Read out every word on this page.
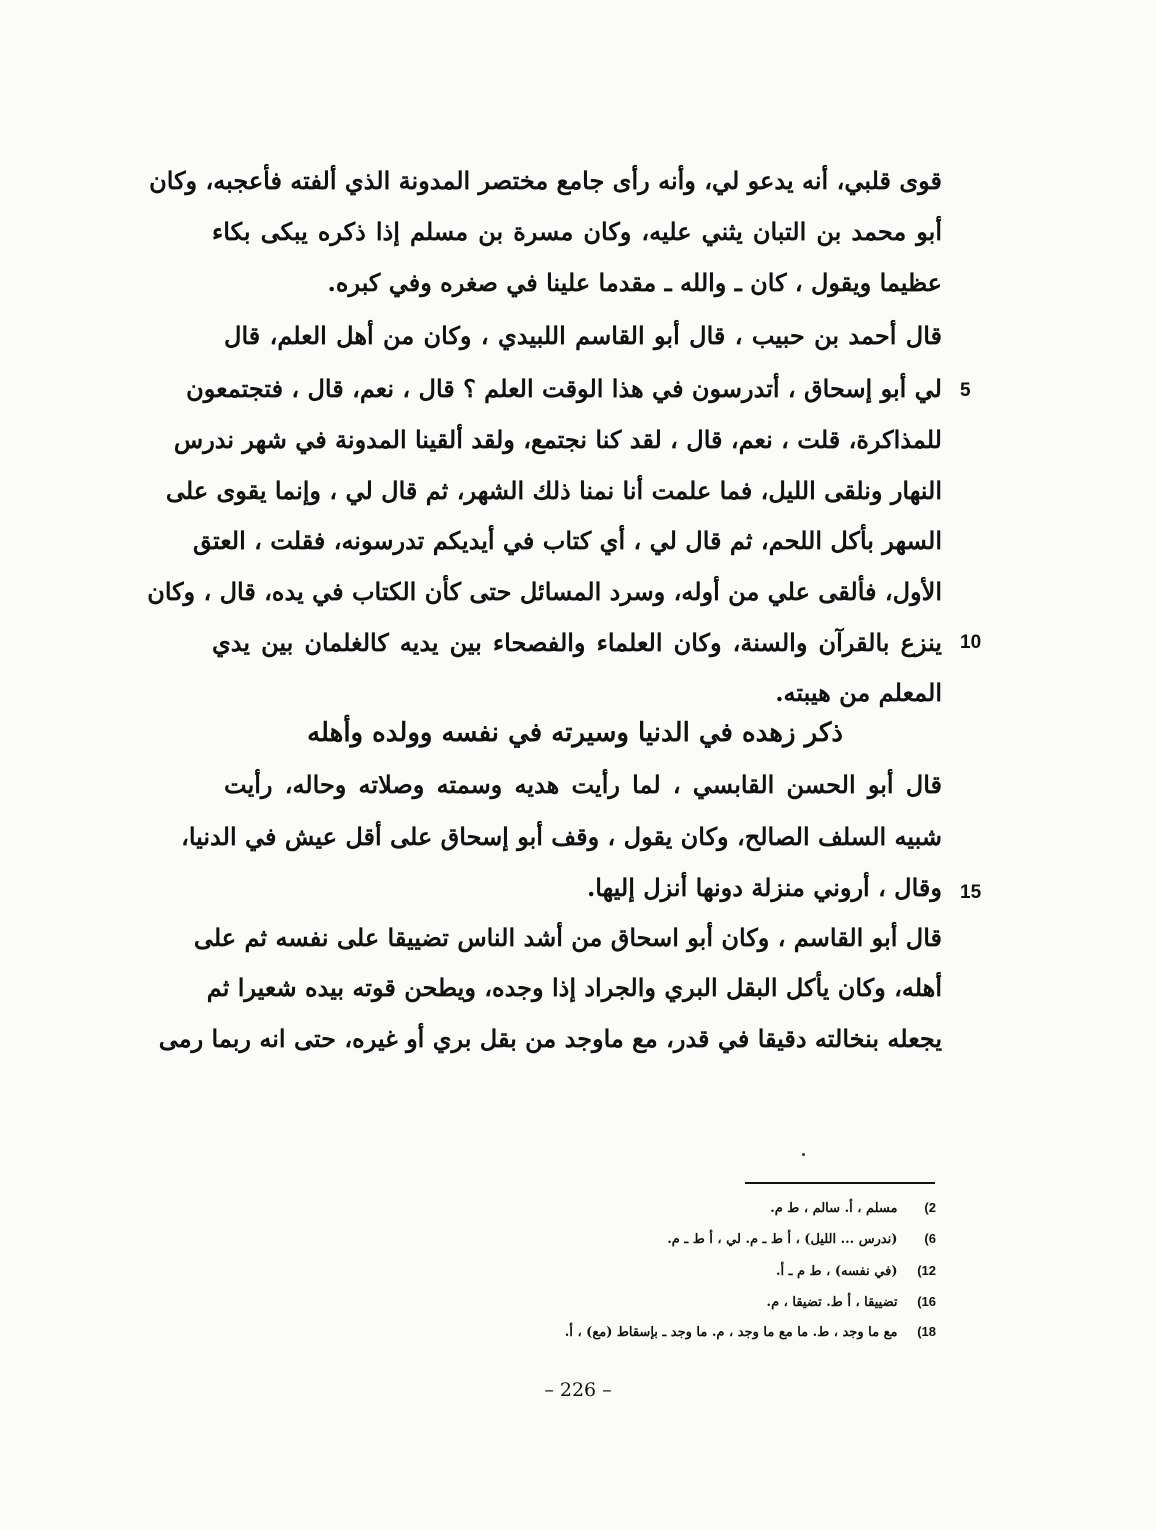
قوى قلبي، أنه يدعو لي، وأنه رأى جامع مختصر المدونة الذي ألفته فأعجبه، وكان
أبو محمد بن التبان يثني عليه، وكان مسرة بن مسلم إذا ذكره يبكى بكاء
عظيما ويقول ، كان ـ والله ـ مقدما علينا في صغره وفي كبره.
قال أحمد بن حبيب ، قال أبو القاسم اللبيدي ، وكان من أهل العلم، قال
لي أبو إسحاق ، أتدرسون في هذا الوقت العلم ؟ قال ، نعم، قال ، فتجتمعون
للمذاكرة، قلت ، نعم، قال ، لقد كنا نجتمع، ولقد ألقينا المدونة في شهر ندرس
النهار ونلقى الليل، فما علمت أنا نمنا ذلك الشهر، ثم قال لي ، وإنما يقوى على
السهر بأكل اللحم، ثم قال لي ، أي كتاب في أيديكم تدرسونه، فقلت ، العتق
الأول، فألقى علي من أوله، وسرد المسائل حتى كأن الكتاب في يده، قال ، وكان
ينزع بالقرآن والسنة، وكان العلماء والفصحاء بين يديه كالغلمان بين يدي
المعلم من هيبته.
ذكر زهده في الدنيا وسيرته في نفسه وولده وأهله
قال أبو الحسن القابسي ، لما رأيت هديه وسمته وصلاته وحاله، رأيت
شبيه السلف الصالح، وكان يقول ، وقف أبو إسحاق على أقل عيش في الدنيا،
وقال ، أروني منزلة دونها أنزل إليها.
قال أبو القاسم ، وكان أبو اسحاق من أشد الناس تضييقا على نفسه ثم على
أهله، وكان يأكل البقل البري والجراد إذا وجده، ويطحن قوته بيده شعيرا ثم
يجعله بنخالته دقيقا في قدر، مع ماوجد من بقل بري أو غيره، حتى انه ربما رمى
5
10
15
2) مسلم ، أ. سالم ، ط م.
6) (ندرس ... الليل) ، أ ط ـ م. لي ، أ ط ـ م.
12) (في نفسه) ، ط م ـ أ.
16) تضييقا ، أ ط. تضيقا ، م.
18) مع ما وجد ، ط. ما مع ما وجد ، م. ما وجد ـ بإسقاط (مع) ، أ.
– 226 –
